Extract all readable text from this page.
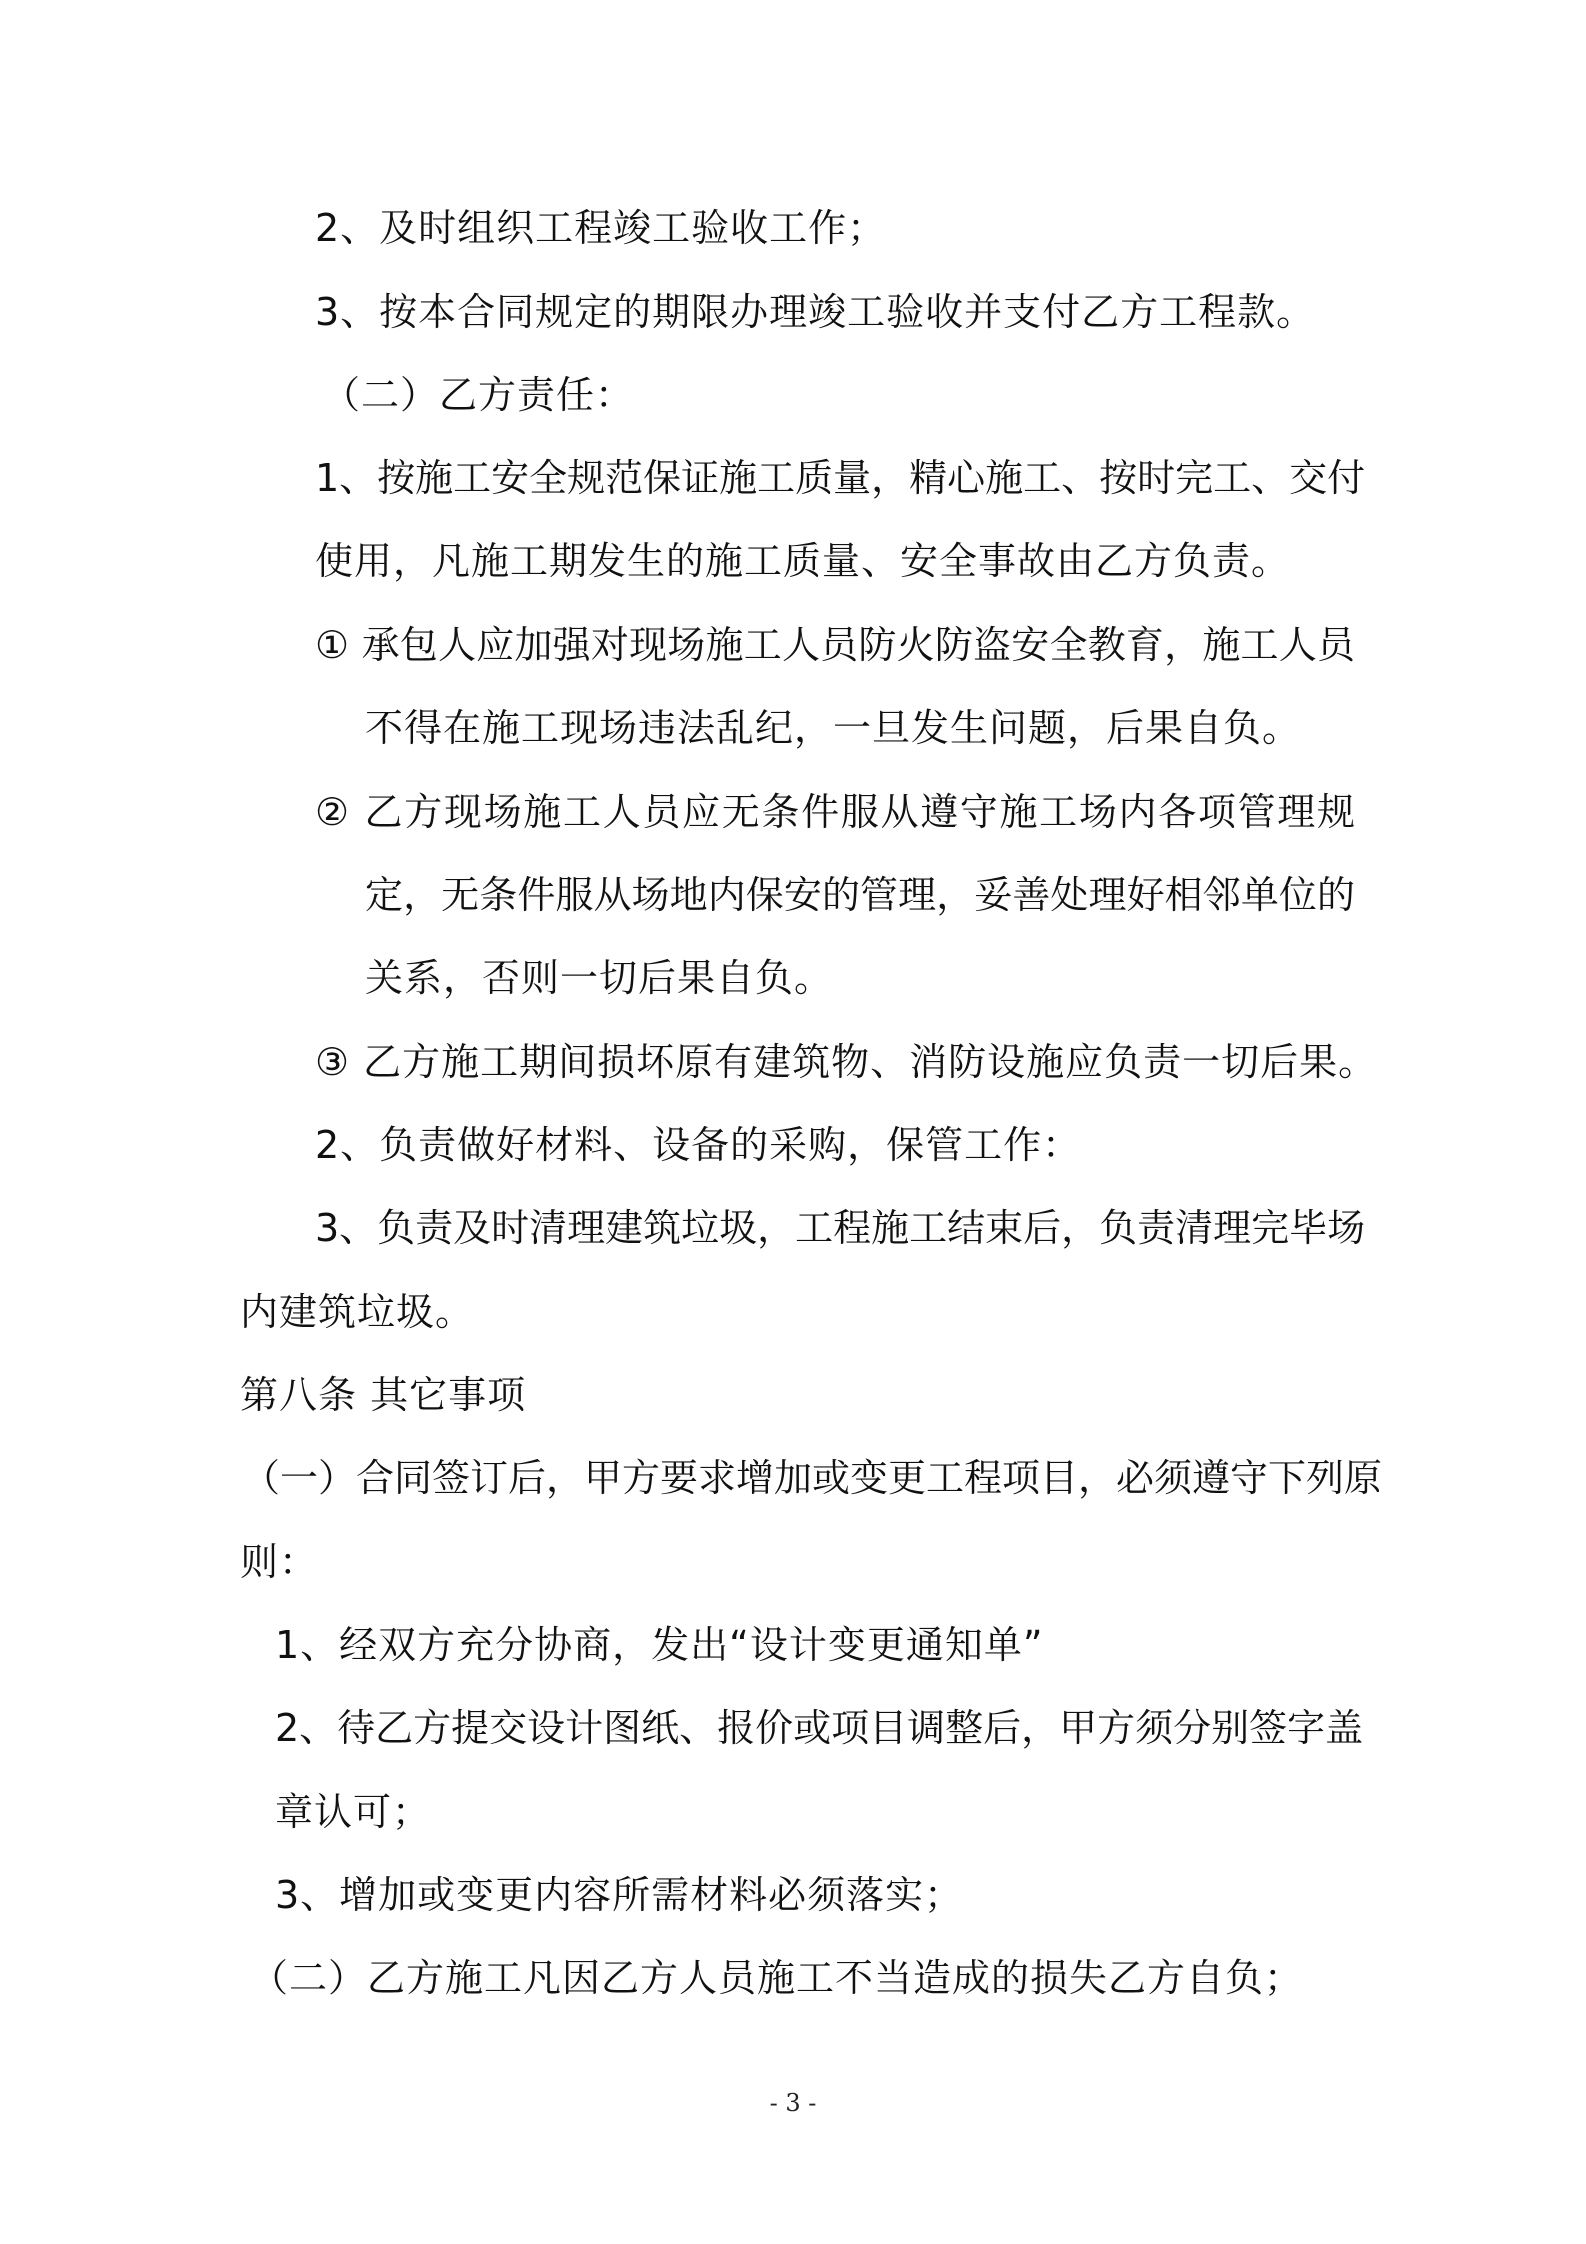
2、及时组织工程竣工验收工作；
3、按本合同规定的期限办理竣工验收并支付乙方工程款。
（二）乙方责任：
1、按施工安全规范保证施工质量，精心施工、按时完工、交付
使用，凡施工期发生的施工质量、安全事故由乙方负责。
① 承包人应加强对现场施工人员防火防盗安全教育，施工人员
不得在施工现场违法乱纪，一旦发生问题，后果自负。
② 乙方现场施工人员应无条件服从遵守施工场内各项管理规
定，无条件服从场地内保安的管理，妥善处理好相邻单位的
关系，否则一切后果自负。
③ 乙方施工期间损坏原有建筑物、消防设施应负责一切后果。
2、负责做好材料、设备的采购，保管工作：
3、负责及时清理建筑垃圾，工程施工结束后，负责清理完毕场
内建筑垃圾。
第八条 其它事项
（一）合同签订后，甲方要求增加或变更工程项目，必须遵守下列原
则：
1、经双方充分协商，发出“设计变更通知单”
2、待乙方提交设计图纸、报价或项目调整后，甲方须分别签字盖
章认可；
3、增加或变更内容所需材料必须落实；
（二）乙方施工凡因乙方人员施工不当造成的损失乙方自负；
- 3 -
